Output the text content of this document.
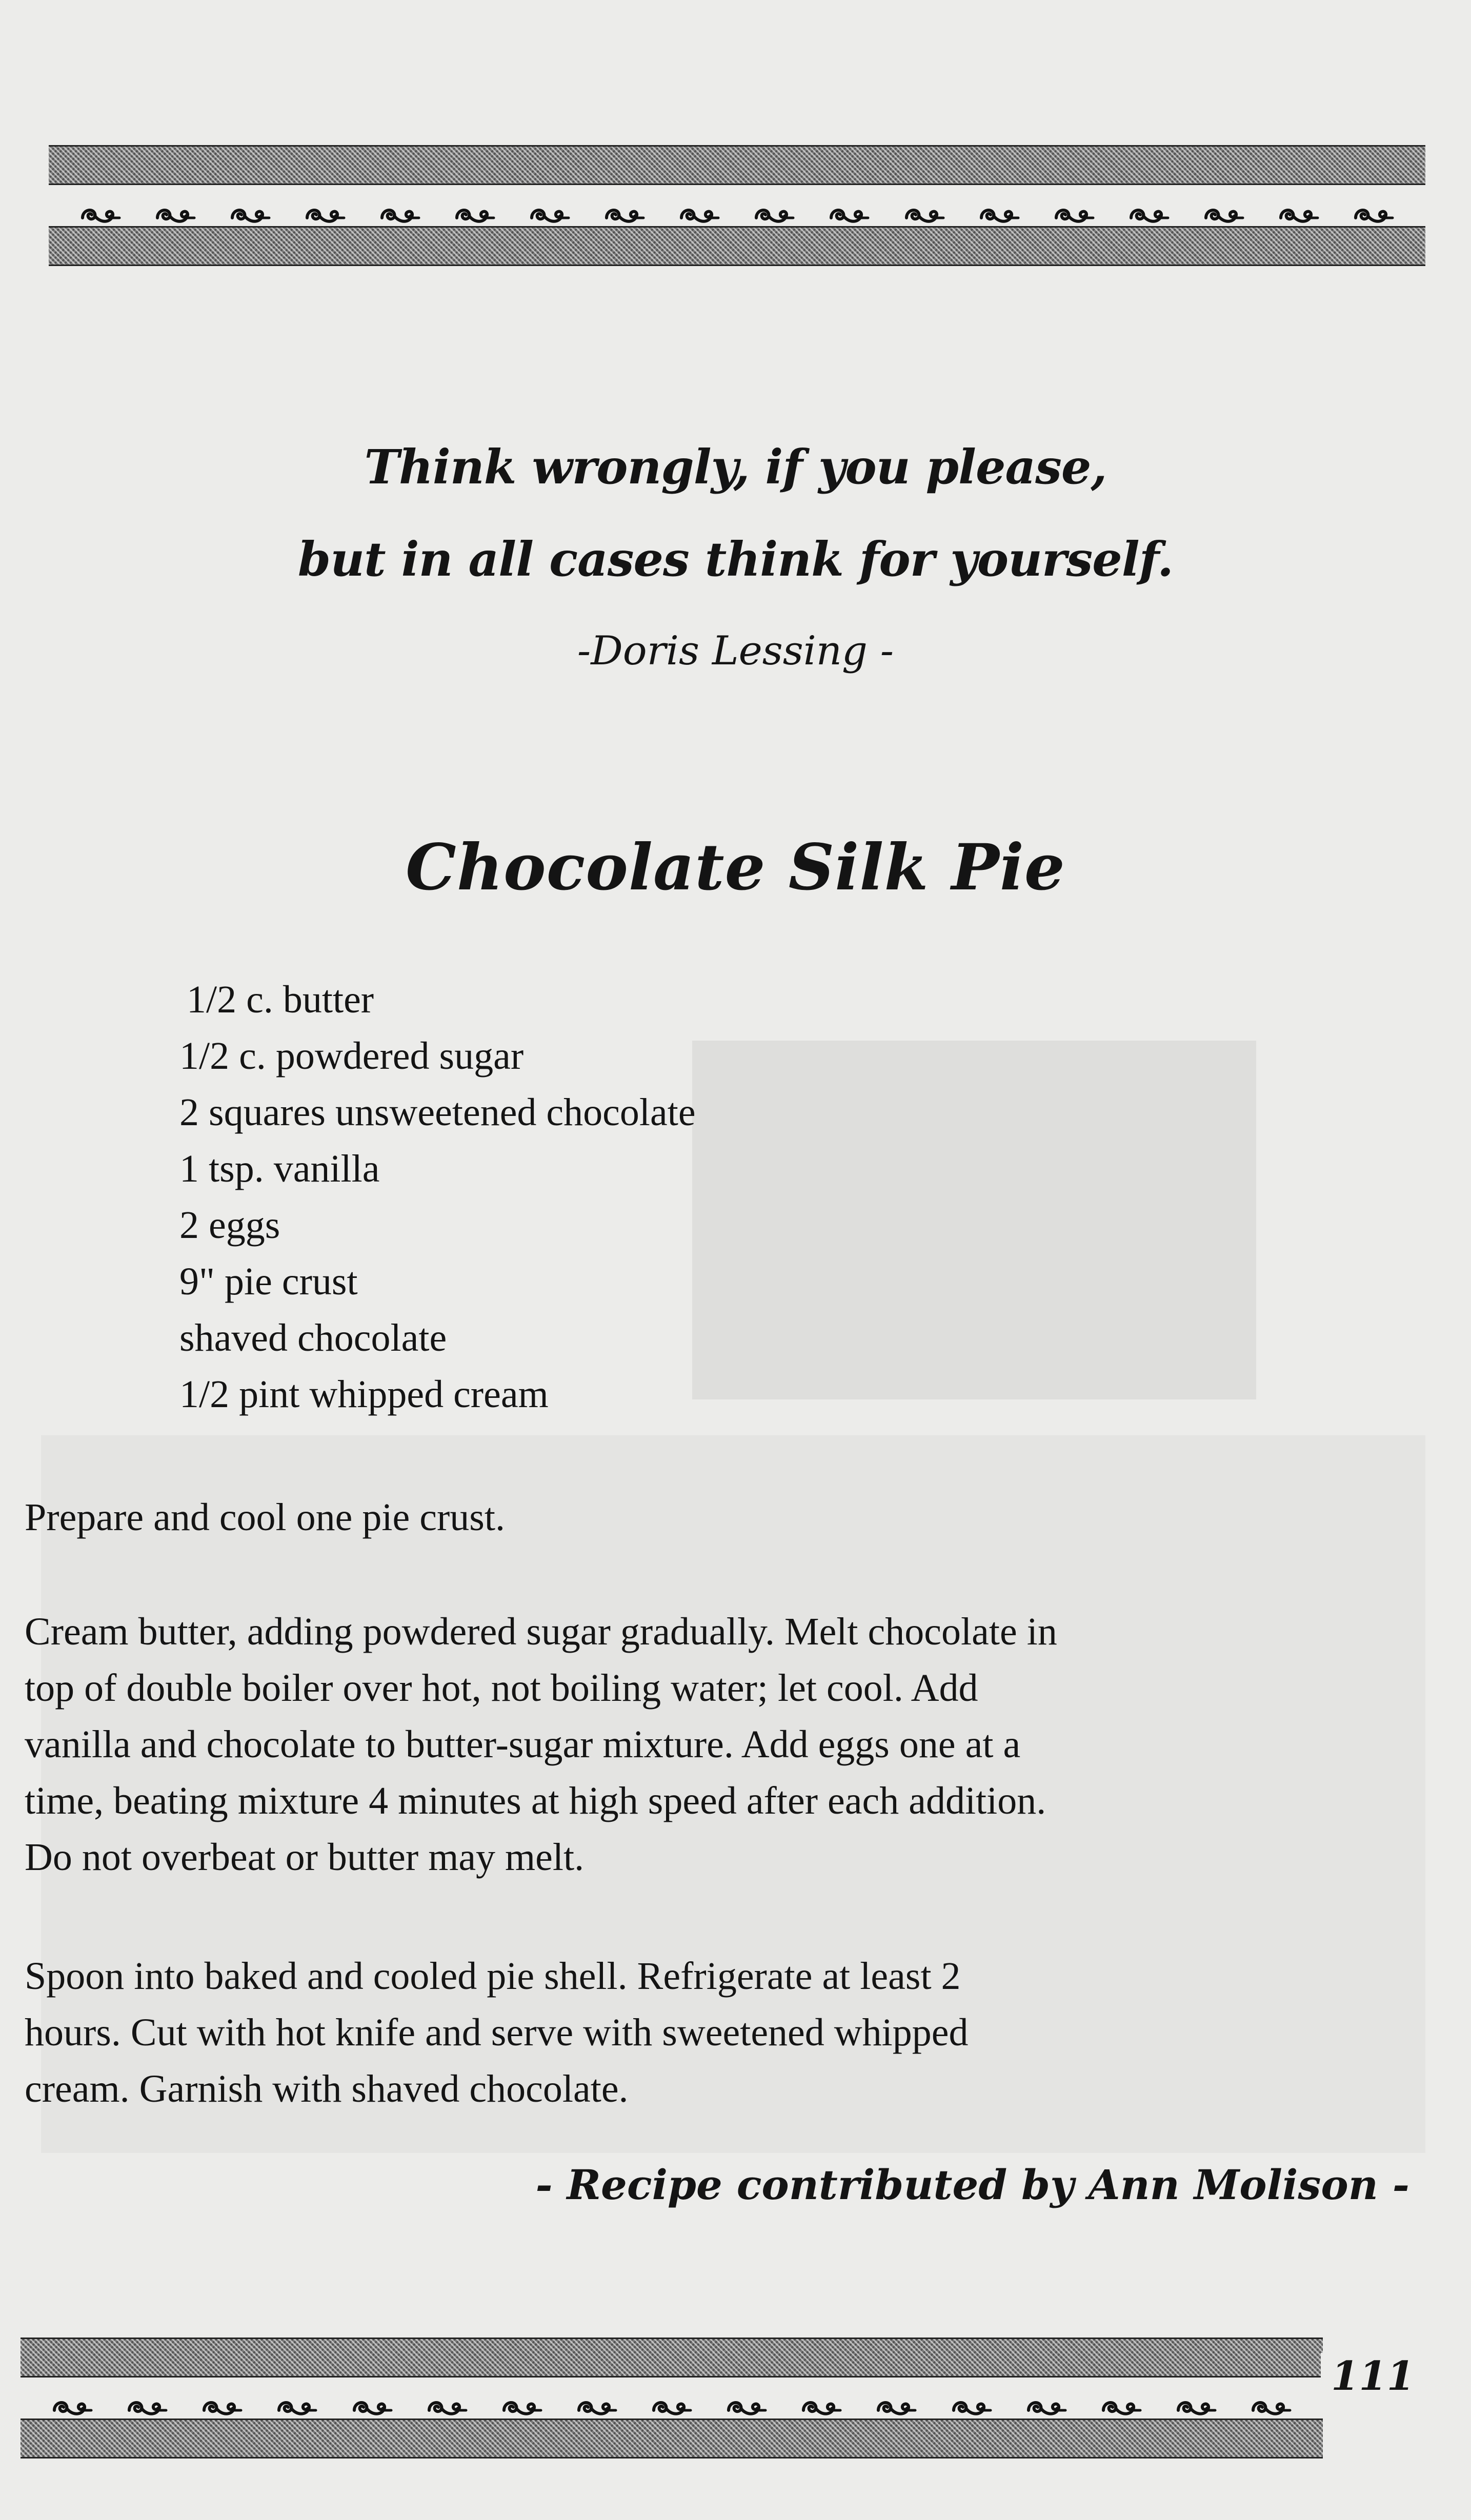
Think wrongly, if you please,
but in all cases think for yourself.
-Doris Lessing -
Chocolate Silk Pie
1/2 c. butter
1/2 c. powdered sugar
2 squares unsweetened chocolate
1 tsp. vanilla
2 eggs
9" pie crust
shaved chocolate
1/2 pint whipped cream

Prepare and cool one pie crust.

Cream butter, adding powdered sugar gradually. Melt chocolate in
top of double boiler over hot, not boiling water; let cool. Add
vanilla and chocolate to butter-sugar mixture. Add eggs one at a
time, beating mixture 4 minutes at high speed after each addition.
Do not overbeat or butter may melt.

Spoon into baked and cooled pie shell. Refrigerate at least 2
hours. Cut with hot knife and serve with sweetened whipped
cream. Garnish with shaved chocolate.

- Recipe contributed by Ann Molison -
111
